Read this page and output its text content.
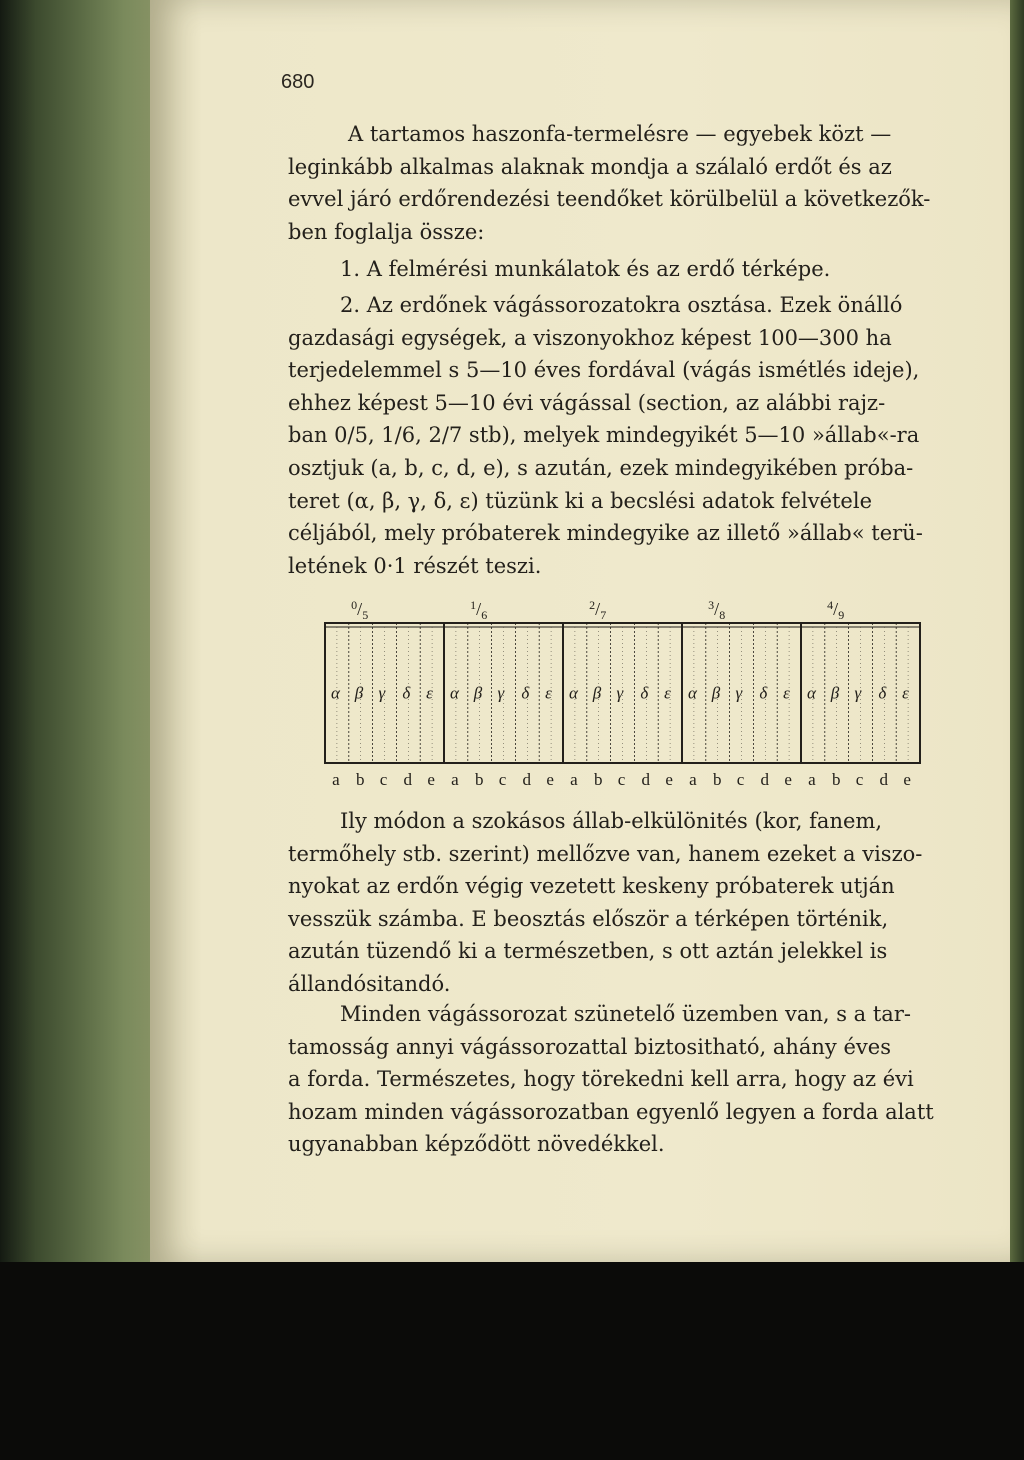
680

A tartamos haszonfa-termelésre — egyebek közt —
leginkább alkalmas alaknak mondja a szálaló erdőt és az
evvel járó erdőrendezési teendőket körülbelül a következők-
ben foglalja össze:

1. A felmérési munkálatok és az erdő térképe.

2. Az erdőnek vágássorozatokra osztása. Ezek önálló
gazdasági egységek, a viszonyokhoz képest 100—300 ha
terjedelemmel s 5—10 éves fordával (vágás ismétlés ideje),
ehhez képest 5—10 évi vágással (section, az alábbi rajz-
ban 0/5, 1/6, 2/7 stb), melyek mindegyikét 5—10 »állab«-ra
osztjuk (a, b, c, d, e), s azután, ezek mindegyikében próba-
teret (α, β, γ, δ, ε) tüzünk ki a becslési adatok felvétele
céljából, mely próbaterek mindegyike az illető »állab« terü-
letének 0·1 részét teszi.

$^0/_5$
α
a
β
b
γ
c
δ
d
ε
e
$^1/_6$
α
a
β
b
γ
c
δ
d
ε
e
$^2/_7$
α
a
β
b
γ
c
δ
d
ε
e
$^3/_8$
α
a
β
b
γ
c
δ
d
ε
e
$^4/_9$
α
a
β
b
γ
c
δ
d
ε
e

Ily módon a szokásos állab-elkülönités (kor, fanem,
termőhely stb. szerint) mellőzve van, hanem ezeket a viszo-
nyokat az erdőn végig vezetett keskeny próbaterek utján
vesszük számba. E beosztás először a térképen történik,
azután tüzendő ki a természetben, s ott aztán jelekkel is
állandósitandó.

Minden vágássorozat szünetelő üzemben van, s a tar-
tamosság annyi vágássorozattal biztositható, ahány éves
a forda. Természetes, hogy törekedni kell arra, hogy az évi
hozam minden vágássorozatban egyenlő legyen a forda alatt
ugyanabban képződött növedékkel.
